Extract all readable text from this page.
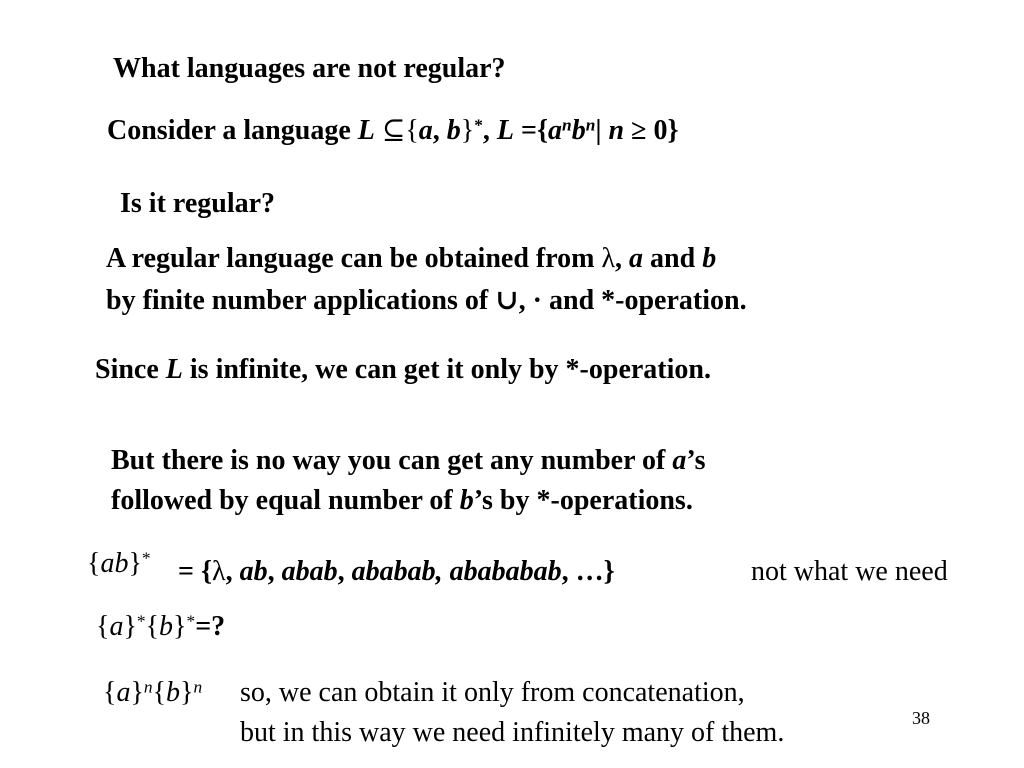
What languages are not regular?
Consider a language L ⊆{a, b}*, $L =\{a^nb^n|$ n ≥ 0}
Is it regular?
A regular language can be obtained from λ, a and b
by finite number applications of ∪, · and *-operation.
Since L is infinite, we can get it only by *-operation.
But there is no way you can get any number of a’s
followed by equal number of b’s by *-operations.
{ab}* = {λ, ab, abab, ababab, abababab, …}	not what we need
{a}*{b}*=?
$\{a\}^n\{b\}^n$ so, we can obtain it only from concatenation,
but in this way we need infinitely many of them.	38
